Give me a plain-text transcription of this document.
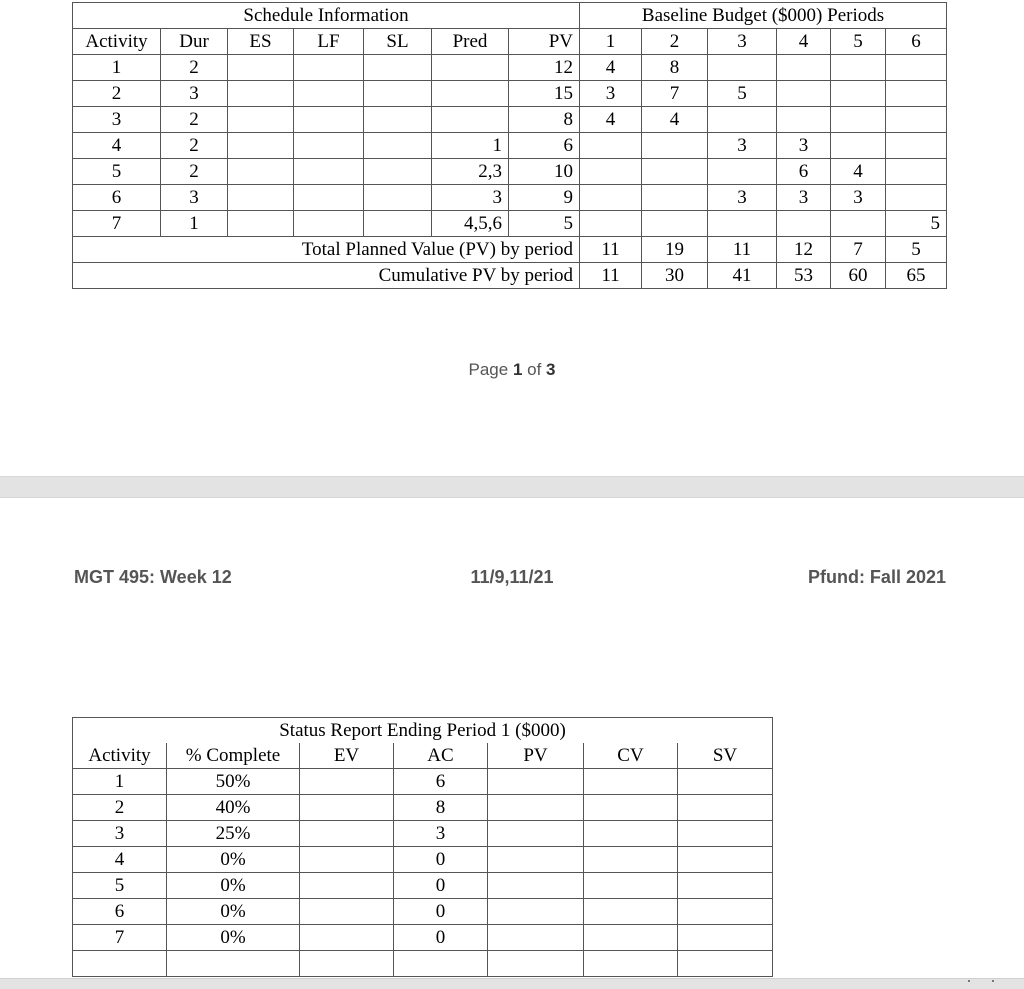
Schedule Information							Baseline Budget ($000) Periods					
Activity	Dur	ES	LF	SL	Pred	PV	1	2	3	4	5	6
1	2					12	4	8				
2	3					15	3	7	5			
3	2					8	4	4				
4	2				1	6			3	3		
5	2				2,3	10				6	4	
6	3				3	9			3	3	3	
7	1				4,5,6	5						5
Total Planned Value (PV) by period							11	19	11	12	7	5
Cumulative PV by period							11	30	41	53	60	65
Page 1 of 3
MGT 495: Week 12	11/9,11/21	Pfund: Fall 2021
Status Report Ending Period 1 ($000)						
Activity	% Complete	EV	AC	PV	CV	SV
1	50%		6			
2	40%		8			
3	25%		3			
4	0%		0			
5	0%		0			
6	0%		0			
7	0%		0			
